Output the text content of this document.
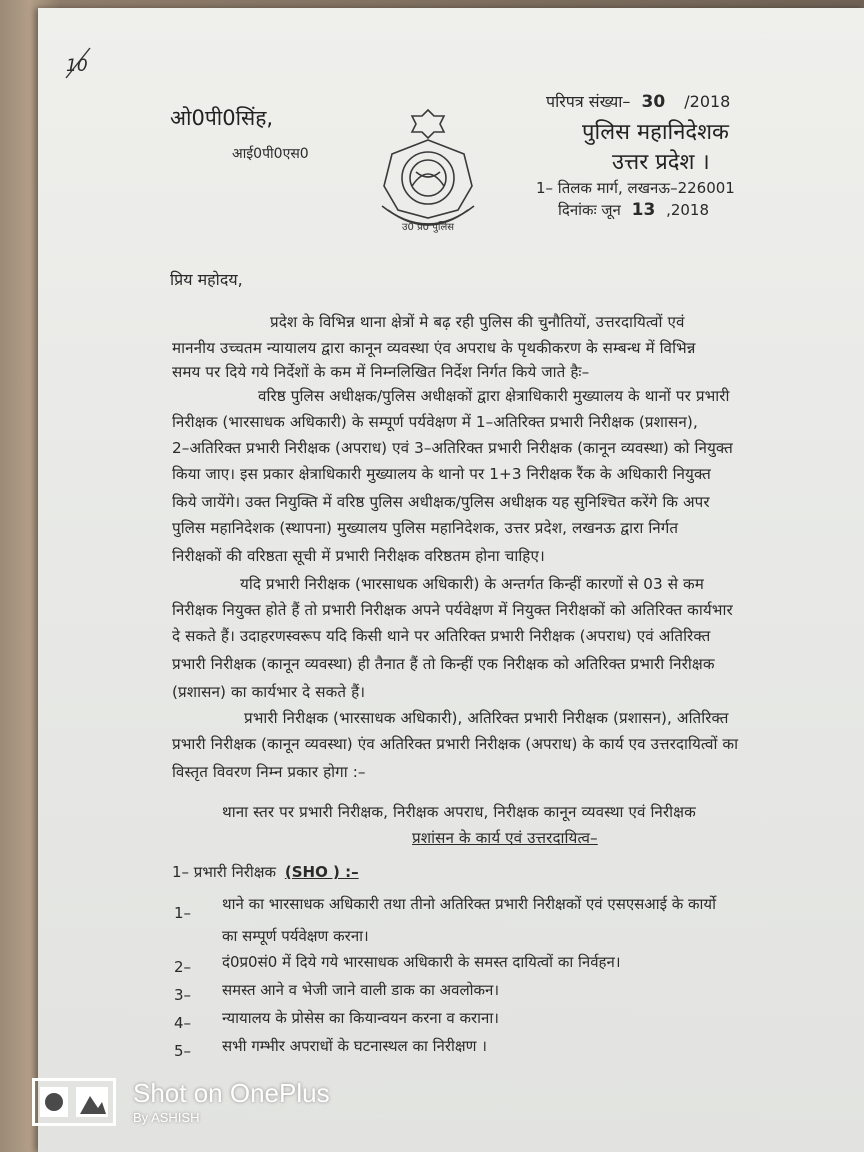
10
ओ0पी0सिंह,
आई0पी0एस0
उ0 प्र0 पुलिस
परिपत्र संख्या– 30 /2018
पुलिस महानिदेशक
उत्तर प्रदेश ।
1– तिलक मार्ग, लखनऊ–226001
दिनांकः जून 13 ,2018
प्रिय महोदय,
प्रदेश के विभिन्न थाना क्षेत्रों मे बढ़ रही पुलिस की चुनौतियों, उत्तरदायित्वों एवं
माननीय उच्चतम न्यायालय द्वारा कानून व्यवस्था एंव अपराध के पृथकीकरण के सम्बन्ध में विभिन्न
समय पर दिये गये निर्देशों के कम में निम्नलिखित निर्देश निर्गत किये जाते हैः–
वरिष्ठ पुलिस अधीक्षक/पुलिस अधीक्षकों द्वारा क्षेत्राधिकारी मुख्यालय के थानों पर प्रभारी
निरीक्षक (भारसाधक अधिकारी) के सम्पूर्ण पर्यवेक्षण में 1–अतिरिक्त प्रभारी निरीक्षक (प्रशासन),
2–अतिरिक्त प्रभारी निरीक्षक (अपराध) एवं 3–अतिरिक्त प्रभारी निरीक्षक (कानून व्यवस्था) को नियुक्त
किया जाए। इस प्रकार क्षेत्राधिकारी मुख्यालय के थानो पर 1+3 निरीक्षक रैंक के अधिकारी नियुक्त
किये जायेंगे। उक्त नियुक्ति में वरिष्ठ पुलिस अधीक्षक/पुलिस अधीक्षक यह सुनिश्चित करेंगे कि अपर
पुलिस महानिदेशक (स्थापना) मुख्यालय पुलिस महानिदेशक, उत्तर प्रदेश, लखनऊ द्वारा निर्गत
निरीक्षकों की वरिष्ठता सूची में प्रभारी निरीक्षक वरिष्ठतम होना चाहिए।
यदि प्रभारी निरीक्षक (भारसाधक अधिकारी) के अन्तर्गत किन्हीं कारणों से 03 से कम
निरीक्षक नियुक्त होते हैं तो प्रभारी निरीक्षक अपने पर्यवेक्षण में नियुक्त निरीक्षकों को अतिरिक्त कार्यभार
दे सकते हैं। उदाहरणस्वरूप यदि किसी थाने पर अतिरिक्त प्रभारी निरीक्षक (अपराध) एवं अतिरिक्त
प्रभारी निरीक्षक (कानून व्यवस्था) ही तैनात हैं तो किन्हीं एक निरीक्षक को अतिरिक्त प्रभारी निरीक्षक
(प्रशासन) का कार्यभार दे सकते हैं।
प्रभारी निरीक्षक (भारसाधक अधिकारी), अतिरिक्त प्रभारी निरीक्षक (प्रशासन), अतिरिक्त
प्रभारी निरीक्षक (कानून व्यवस्था) एंव अतिरिक्त प्रभारी निरीक्षक (अपराध) के कार्य एव उत्तरदायित्वों का
विस्तृत विवरण निम्न प्रकार होगा :–
थाना स्तर पर प्रभारी निरीक्षक, निरीक्षक अपराध, निरीक्षक कानून व्यवस्था एवं निरीक्षक
प्रशांसन के कार्य एवं उत्तरदायित्व–
1– प्रभारी निरीक्षक (SHO ) :–
1– थाने का भारसाधक अधिकारी तथा तीनो अतिरिक्त प्रभारी निरीक्षकों एवं एसएसआई के कार्यो
का सम्पूर्ण पर्यवेक्षण करना।
2– दं0प्र0सं0 में दिये गये भारसाधक अधिकारी के समस्त दायित्वों का निर्वहन।
3– समस्त आने व भेजी जाने वाली डाक का अवलोकन।
4– न्यायालय के प्रोसेस का कियान्वयन करना व कराना।
5– सभी गम्भीर अपराधों के घटनास्थल का निरीक्षण ।
Shot on OnePlus
By ASHISH
